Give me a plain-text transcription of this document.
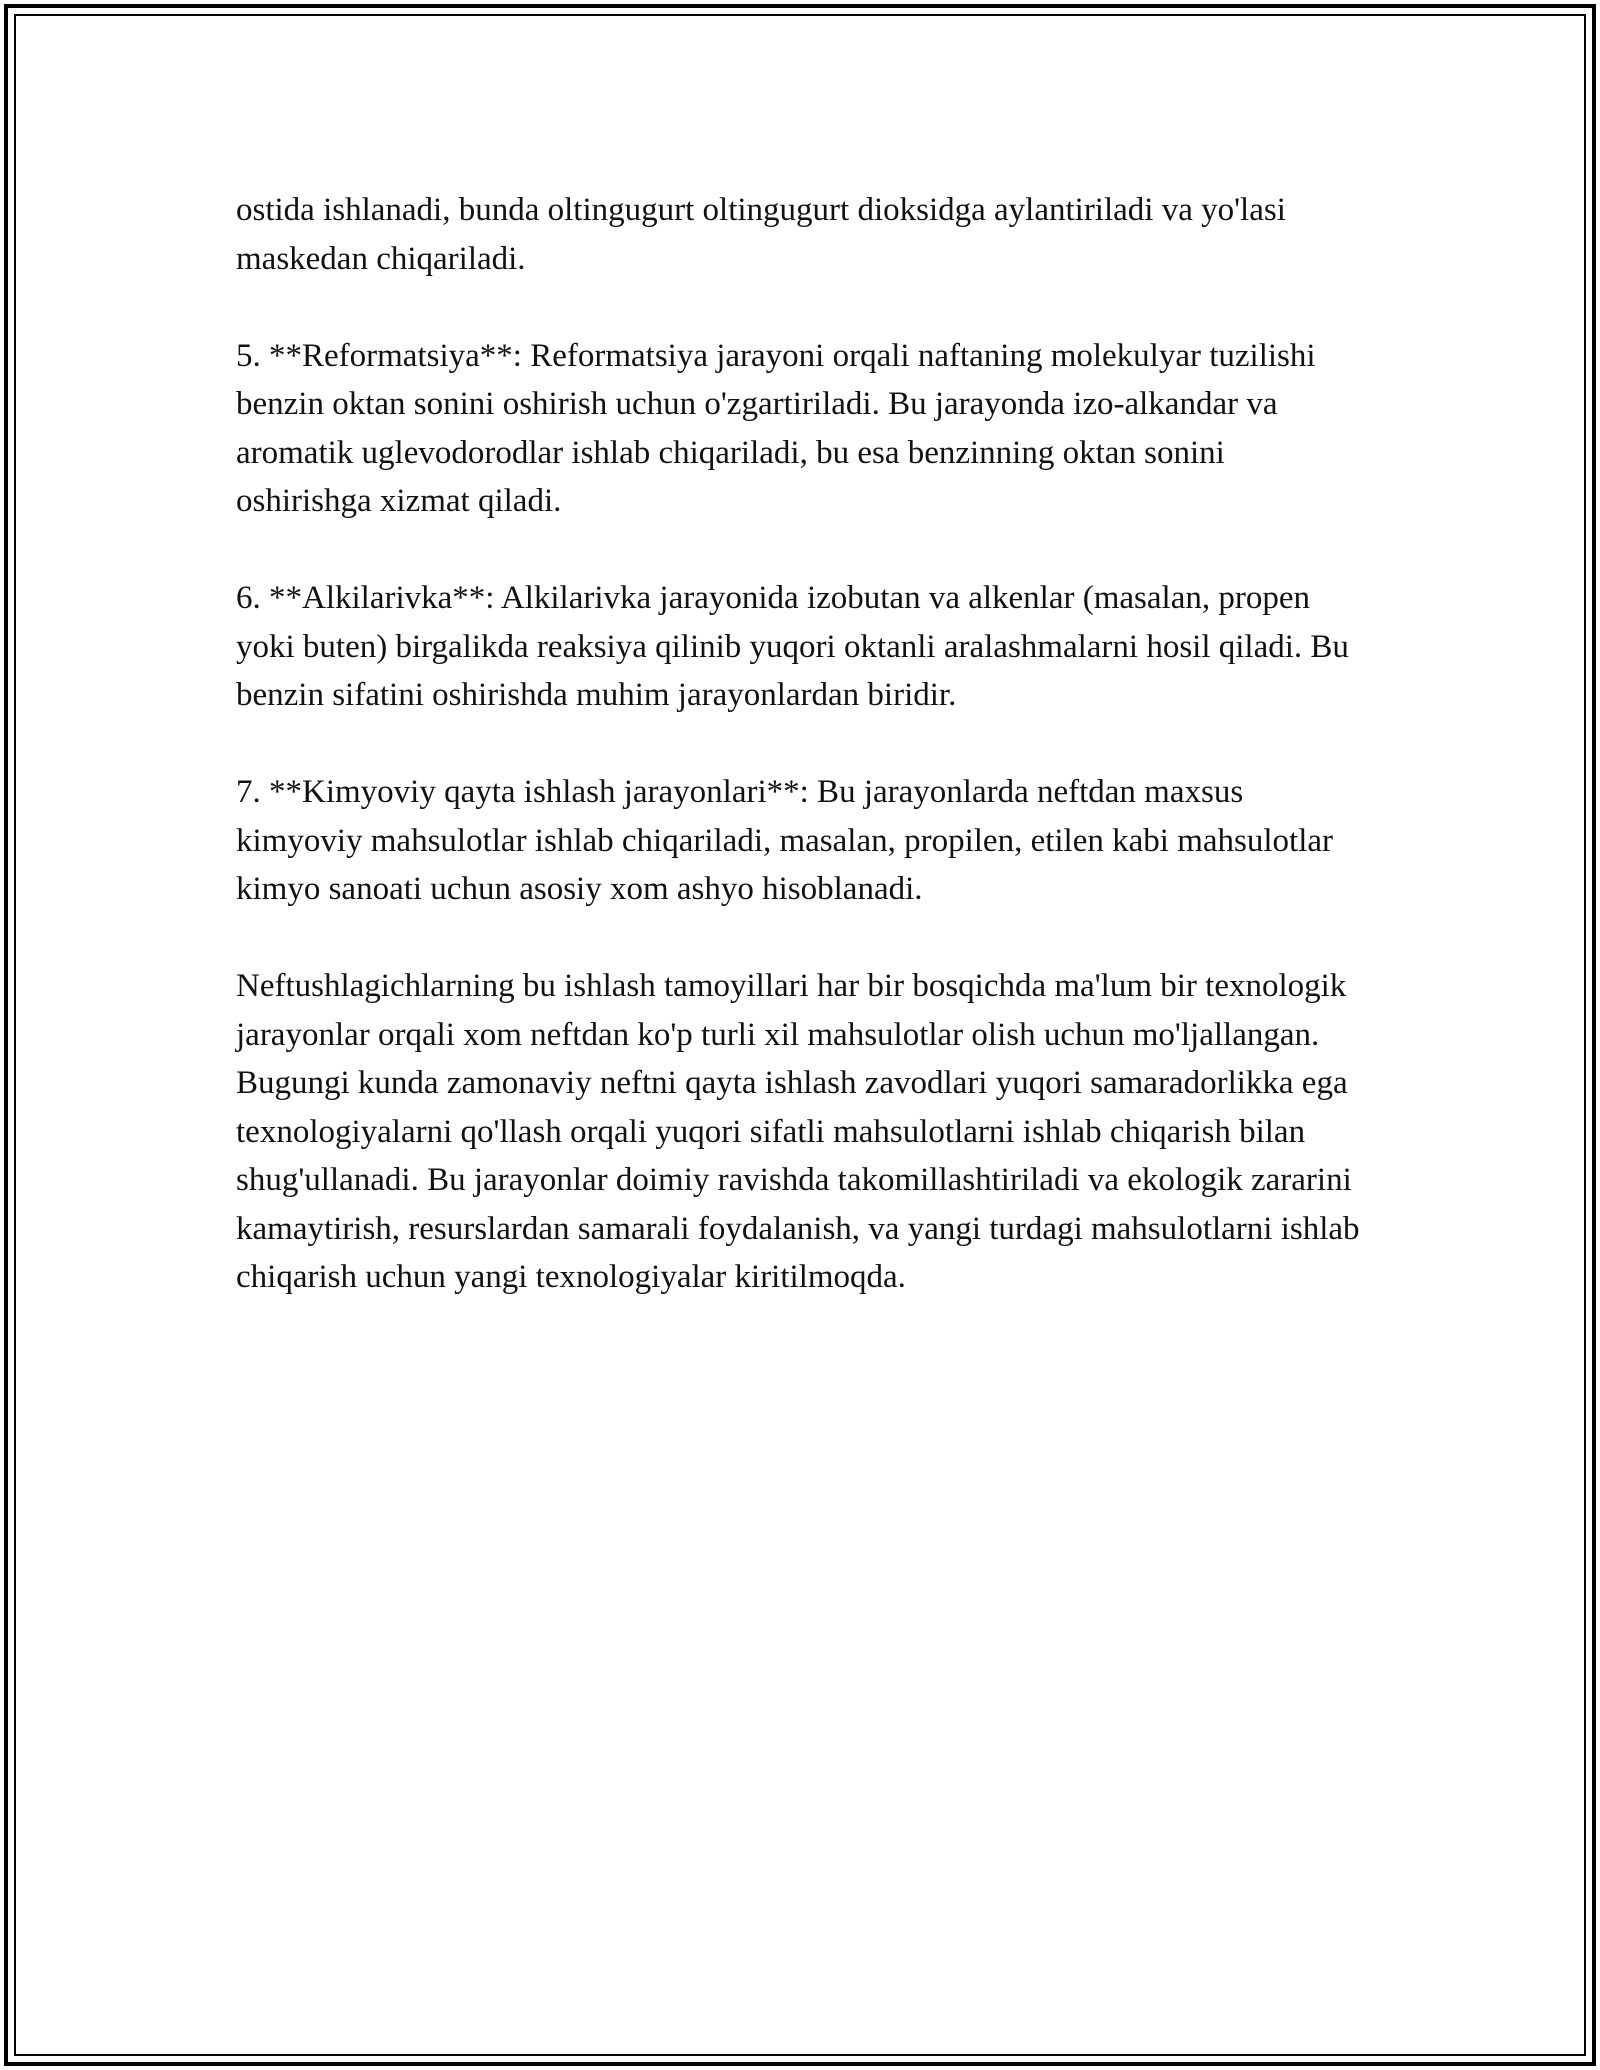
ostida ishlanadi, bunda oltingugurt oltingugurt dioksidga aylantiriladi va yo'lasi maskedan chiqariladi.

5. **Reformatsiya**: Reformatsiya jarayoni orqali naftaning molekulyar tuzilishi benzin oktan sonini oshirish uchun o'zgartiriladi. Bu jarayonda izo-alkandar va aromatik uglevodorodlar ishlab chiqariladi, bu esa benzinning oktan sonini oshirishga xizmat qiladi.

6. **Alkilarivka**: Alkilarivka jarayonida izobutan va alkenlar (masalan, propen yoki buten) birgalikda reaksiya qilinib yuqori oktanli aralashmalarni hosil qiladi. Bu benzin sifatini oshirishda muhim jarayonlardan biridir.

7. **Kimyoviy qayta ishlash jarayonlari**: Bu jarayonlarda neftdan maxsus kimyoviy mahsulotlar ishlab chiqariladi, masalan, propilen, etilen kabi mahsulotlar kimyo sanoati uchun asosiy xom ashyo hisoblanadi.

Neftushlagichlarning bu ishlash tamoyillari har bir bosqichda ma'lum bir texnologik jarayonlar orqali xom neftdan ko'p turli xil mahsulotlar olish uchun mo'ljallangan. Bugungi kunda zamonaviy neftni qayta ishlash zavodlari yuqori samaradorlikka ega texnologiyalarni qo'llash orqali yuqori sifatli mahsulotlarni ishlab chiqarish bilan shug'ullanadi. Bu jarayonlar doimiy ravishda takomillashtiriladi va ekologik zararini kamaytirish, resurslardan samarali foydalanish, va yangi turdagi mahsulotlarni ishlab chiqarish uchun yangi texnologiyalar kiritilmoqda.
